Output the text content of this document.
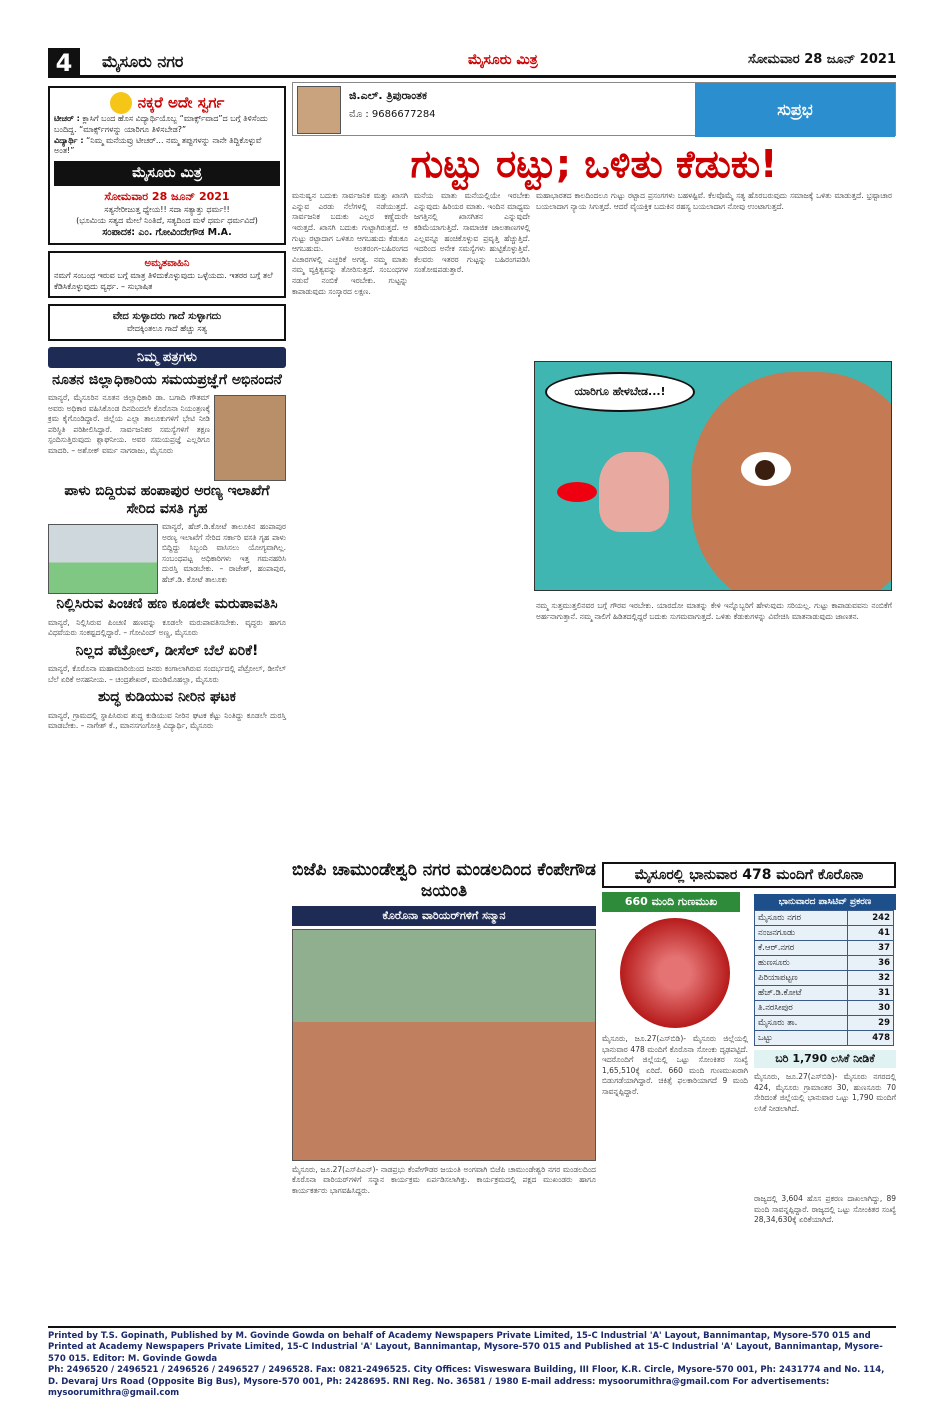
ಪುಟ 4	ಮೈಸೂರು ನಗರ	ಮೈಸೂರು ಮಿತ್ರ	ಸೋಮವಾರ 28 ಜೂನ್ 2021
ನಕ್ಕರೆ ಅದೇ ಸ್ವರ್ಗ
ಟೀಚರ್ : ಕ್ಲಾಸಿಗೆ ಬಂದ ಹೊಸ ವಿದ್ಯಾರ್ಥಿಯೊಬ್ಬ “ಮಾರ್ಕ್ಸ್‌ವಾದ”ದ ಬಗ್ಗೆ ತಿಳಿಸೆಂದು ಬಂದಿದ್ದ. “ಮಾರ್ಕ್ಸ್‌ಗಳನ್ನು ಯಾರಿಗೂ ತಿಳಿಸಬೇಡ?”
ವಿದ್ಯಾರ್ಥಿ : “ನಿಮ್ಮ ಮನೆಯವ್ರು ಟೀಚರ್... ನಮ್ಮ ತಪ್ಪುಗಳನ್ನು ನಾನೇ ತಿದ್ದಿಕೊಳ್ಳುವೆ ಅಂತ!”
ಮೈಸೂರು ಮಿತ್ರ
ಸೋಮವಾರ 28 ಜೂನ್ 2021
ಸತ್ಯನೇರೀಜುತ್ತ ಧ್ಯೇಯ!! ಸದಾ ಸತ್ಯಾತ್ತು ಧರ್ಮ!!
(ಭೂಮಿಯ ಸತ್ಯದ ಮೇಲೆ ನಿಂತಿದೆ, ಸತ್ಯದಿಂದ ಮಳೆ ಧರ್ಮ ಧರ್ಮವಿದೆ)
ಸಂಪಾದಕ: ಎಂ. ಗೋವಿಂದೇಗೌಡ M.A.
ಅಮೃತವಾಹಿನಿ
ನಮಗೆ ಸಂಬಂಧ ಇರುವ ಬಗ್ಗೆ ಮಾತ್ರ ತಿಳಿದುಕೊಳ್ಳುವುದು ಒಳ್ಳೆಯದು. ಇತರರ ಬಗ್ಗೆ ತಲೆ ಕೆಡಿಸಿಕೊಳ್ಳುವುದು ವ್ಯರ್ಥ. – ಸುಭಾಷಿತ
ವೇದ ಸುಳ್ಳಾದರು ಗಾದೆ ಸುಳ್ಳಾಗದು
ವೇದಕ್ಕಿಂತಲೂ ಗಾದೆ ಹೆಚ್ಚು ಸತ್ಯ
ನಿಮ್ಮ ಪತ್ರಗಳು
ನೂತನ ಜಿಲ್ಲಾಧಿಕಾರಿಯ ಸಮಯಪ್ರಜ್ಞೆಗೆ ಅಭಿನಂದನೆ
ಮಾನ್ಯರೆ, ಮೈಸೂರಿನ ನೂತನ ಜಿಲ್ಲಾಧಿಕಾರಿ ಡಾ. ಬಗಾದಿ ಗೌತಮ್ ಅವರು ಅಧಿಕಾರ ವಹಿಸಿಕೊಂಡ ದಿನದಿಂದಲೇ ಕೊರೊನಾ ನಿಯಂತ್ರಣಕ್ಕೆ ಕ್ರಮ ಕೈಗೊಂಡಿದ್ದಾರೆ. ಜಿಲ್ಲೆಯ ಎಲ್ಲಾ ತಾಲೂಕುಗಳಿಗೆ ಭೇಟಿ ನೀಡಿ ಪರಿಸ್ಥಿತಿ ಪರಿಶೀಲಿಸಿದ್ದಾರೆ. ಸಾರ್ವಜನಿಕರ ಸಮಸ್ಯೆಗಳಿಗೆ ತಕ್ಷಣ ಸ್ಪಂದಿಸುತ್ತಿರುವುದು ಶ್ಲಾಘನೀಯ. ಅವರ ಸಮಯಪ್ರಜ್ಞೆ ಎಲ್ಲರಿಗೂ ಮಾದರಿ. – ಅಶೋಕ್ ವರ್ಮ ನಾಗರಾಜು, ಮೈಸೂರು
ಪಾಳು ಬಿದ್ದಿರುವ ಹಂಪಾಪುರ ಅರಣ್ಯ ಇಲಾಖೆಗೆ ಸೇರಿದ ವಸತಿ ಗೃಹ
ಮಾನ್ಯರೆ, ಹೆಚ್.ಡಿ.ಕೋಟೆ ತಾಲೂಕಿನ ಹಂಪಾಪುರ ಅರಣ್ಯ ಇಲಾಖೆಗೆ ಸೇರಿದ ಸರ್ಕಾರಿ ವಸತಿ ಗೃಹ ಪಾಳು ಬಿದ್ದಿದ್ದು ಸಿಬ್ಬಂದಿ ವಾಸಿಸಲು ಯೋಗ್ಯವಾಗಿಲ್ಲ. ಸಂಬಂಧಪಟ್ಟ ಅಧಿಕಾರಿಗಳು ಇತ್ತ ಗಮನಹರಿಸಿ ದುರಸ್ತಿ ಮಾಡಬೇಕು. – ರಾಜೇಶ್, ಹಂಪಾಪುರ, ಹೆಚ್.ಡಿ. ಕೋಟೆ ತಾಲೂಕು
ನಿಲ್ಲಿಸಿರುವ ಪಿಂಚಣಿ ಹಣ ಕೂಡಲೇ ಮರುಪಾವತಿಸಿ
ಮಾನ್ಯರೆ, ನಿಲ್ಲಿಸಿರುವ ಪಿಂಚಣಿ ಹಣವನ್ನು ಕೂಡಲೇ ಮರುಪಾವತಿಸಬೇಕು. ವೃದ್ಧರು ಹಾಗೂ ವಿಧವೆಯರು ಸಂಕಷ್ಟದಲ್ಲಿದ್ದಾರೆ. – ಗೋವಿಂದ್ ಅಣ್ಣ, ಮೈಸೂರು
ನಿಲ್ಲದ ಪೆಟ್ರೋಲ್, ಡೀಸೆಲ್ ಬೆಲೆ ಏರಿಕೆ!
ಮಾನ್ಯರೆ, ಕೊರೊನಾ ಮಹಾಮಾರಿಯಿಂದ ಜನರು ಕಂಗಾಲಾಗಿರುವ ಸಂದರ್ಭದಲ್ಲಿ ಪೆಟ್ರೋಲ್, ಡೀಸೆಲ್ ಬೆಲೆ ಏರಿಕೆ ಅಸಹನೀಯ. – ಚಂದ್ರಶೇಖರ್, ಮಂಡಿಮೊಹಲ್ಲಾ, ಮೈಸೂರು
ಶುದ್ಧ ಕುಡಿಯುವ ನೀರಿನ ಘಟಕ
ಮಾನ್ಯರೆ, ಗ್ರಾಮದಲ್ಲಿ ಸ್ಥಾಪಿಸಿರುವ ಶುದ್ಧ ಕುಡಿಯುವ ನೀರಿನ ಘಟಕ ಕೆಟ್ಟು ನಿಂತಿದ್ದು ಕೂಡಲೇ ದುರಸ್ತಿ ಮಾಡಬೇಕು. – ನಾಗೇಶ್ ಕೆ., ಮಾನಸಗಂಗೋತ್ರಿ ವಿದ್ಯಾರ್ಥಿ, ಮೈಸೂರು
ಜಿ.ಎಲ್. ತ್ರಿಪುರಾಂತಕ
ಮೊ : 9686677284	ಸುಪ್ರಭ
ಗುಟ್ಟು ರಟ್ಟು; ಒಳಿತು ಕೆಡುಕು!
ಮನುಷ್ಯನ ಬದುಕು ಸಾರ್ವಜನಿಕ ಮತ್ತು ಖಾಸಗಿ ಎನ್ನುವ ಎರಡು ನೆಲೆಗಳಲ್ಲಿ ನಡೆಯುತ್ತದೆ. ಸಾರ್ವಜನಿಕ ಬದುಕು ಎಲ್ಲರ ಕಣ್ಣೆದುರೇ ಇರುತ್ತದೆ. ಖಾಸಗಿ ಬದುಕು ಗುಟ್ಟಾಗಿರುತ್ತದೆ. ಆ ಗುಟ್ಟು ರಟ್ಟಾದಾಗ ಒಳಿತೂ ಆಗಬಹುದು ಕೆಡುಕೂ ಆಗಬಹುದು. ಅಂತರಂಗ–ಬಹಿರಂಗದ ವಿಚಾರಗಳಲ್ಲಿ ಎಚ್ಚರಿಕೆ ಅಗತ್ಯ. ನಮ್ಮ ಮಾತು ನಮ್ಮ ವ್ಯಕ್ತಿತ್ವವನ್ನು ತೋರಿಸುತ್ತದೆ. ಸಂಬಂಧಗಳ ನಡುವೆ ನಂಬಿಕೆ ಇರಬೇಕು. ಗುಟ್ಟನ್ನು ಕಾಪಾಡುವುದು ಸಂಸ್ಕಾರದ ಲಕ್ಷಣ.
ಮನೆಯ ಮಾತು ಮನೆಯಲ್ಲಿಯೇ ಇರಬೇಕು ಎನ್ನುವುದು ಹಿರಿಯರ ಮಾತು. ಇಂದಿನ ಮಾಧ್ಯಮ ಜಗತ್ತಿನಲ್ಲಿ ಖಾಸಗಿತನ ಎನ್ನುವುದೇ ಕಡಿಮೆಯಾಗುತ್ತಿದೆ. ಸಾಮಾಜಿಕ ಜಾಲತಾಣಗಳಲ್ಲಿ ಎಲ್ಲವನ್ನೂ ಹಂಚಿಕೊಳ್ಳುವ ಪ್ರವೃತ್ತಿ ಹೆಚ್ಚುತ್ತಿದೆ. ಇದರಿಂದ ಅನೇಕ ಸಮಸ್ಯೆಗಳು ಹುಟ್ಟಿಕೊಳ್ಳುತ್ತಿವೆ. ಕೆಲವರು ಇತರರ ಗುಟ್ಟನ್ನು ಬಹಿರಂಗಪಡಿಸಿ ಸಂತೋಷಪಡುತ್ತಾರೆ.
ಮಹಾಭಾರತದ ಕಾಲದಿಂದಲೂ ಗುಟ್ಟು ರಟ್ಟಾದ ಪ್ರಸಂಗಗಳು ಬಹಳಷ್ಟಿವೆ. ಕೆಲವೊಮ್ಮೆ ಸತ್ಯ ಹೊರಬರುವುದು ಸಮಾಜಕ್ಕೆ ಒಳಿತು ಮಾಡುತ್ತದೆ. ಭ್ರಷ್ಟಾಚಾರ ಬಯಲಾದಾಗ ನ್ಯಾಯ ಸಿಗುತ್ತದೆ. ಆದರೆ ವೈಯಕ್ತಿಕ ಬದುಕಿನ ರಹಸ್ಯ ಬಯಲಾದಾಗ ನೋವು ಉಂಟಾಗುತ್ತದೆ.
ಯಾರಿಗೂ ಹೇಳಬೇಡ...!
ನಮ್ಮ ಸುತ್ತಮುತ್ತಲಿನವರ ಬಗ್ಗೆ ಗೌರವ ಇರಬೇಕು. ಯಾರದೋ ಮಾತನ್ನು ಕೇಳಿ ಇನ್ನೊಬ್ಬರಿಗೆ ಹೇಳುವುದು ಸರಿಯಲ್ಲ. ಗುಟ್ಟು ಕಾಪಾಡುವವನು ನಂಬಿಕೆಗೆ ಅರ್ಹನಾಗುತ್ತಾನೆ. ನಮ್ಮ ನಾಲಿಗೆ ಹಿಡಿತದಲ್ಲಿದ್ದರೆ ಬದುಕು ಸುಗಮವಾಗುತ್ತದೆ. ಒಳಿತು ಕೆಡುಕುಗಳನ್ನು ವಿವೇಚಿಸಿ ಮಾತನಾಡುವುದು ಜಾಣತನ.
ಬಿಜೆಪಿ ಚಾಮುಂಡೇಶ್ವರಿ ನಗರ ಮಂಡಲದಿಂದ ಕೆಂಪೇಗೌಡ ಜಯಂತಿ
ಕೊರೊನಾ ವಾರಿಯರ್‌ಗಳಿಗೆ ಸನ್ಮಾನ
ಮೈಸೂರು, ಜೂ.27(ಎಸ್‌ಪಿಎನ್)- ನಾಡಪ್ರಭು ಕೆಂಪೇಗೌಡರ ಜಯಂತಿ ಅಂಗವಾಗಿ ಬಿಜೆಪಿ ಚಾಮುಂಡೇಶ್ವರಿ ನಗರ ಮಂಡಲದಿಂದ ಕೊರೊನಾ ವಾರಿಯರ್‌ಗಳಿಗೆ ಸನ್ಮಾನ ಕಾರ್ಯಕ್ರಮ ಏರ್ಪಡಿಸಲಾಗಿತ್ತು. ಕಾರ್ಯಕ್ರಮದಲ್ಲಿ ಪಕ್ಷದ ಮುಖಂಡರು ಹಾಗೂ ಕಾರ್ಯಕರ್ತರು ಭಾಗವಹಿಸಿದ್ದರು.
ಮೈಸೂರಲ್ಲಿ ಭಾನುವಾರ 478 ಮಂದಿಗೆ ಕೊರೊನಾ
660 ಮಂದಿ ಗುಣಮುಖ
ಮೈಸೂರು, ಜೂ.27(ಎಸ್‌ಬಿಡಿ)- ಮೈಸೂರು ಜಿಲ್ಲೆಯಲ್ಲಿ ಭಾನುವಾರ 478 ಮಂದಿಗೆ ಕೊರೊನಾ ಸೋಂಕು ದೃಢಪಟ್ಟಿದೆ. ಇದರೊಂದಿಗೆ ಜಿಲ್ಲೆಯಲ್ಲಿ ಒಟ್ಟು ಸೋಂಕಿತರ ಸಂಖ್ಯೆ 1,65,510ಕ್ಕೆ ಏರಿದೆ. 660 ಮಂದಿ ಗುಣಮುಖರಾಗಿ ಬಿಡುಗಡೆಯಾಗಿದ್ದಾರೆ. ಚಿಕಿತ್ಸೆ ಫಲಕಾರಿಯಾಗದೆ 9 ಮಂದಿ ಸಾವನ್ನಪ್ಪಿದ್ದಾರೆ.
ಭಾನುವಾರದ ಪಾಸಿಟಿವ್ ಪ್ರಕರಣ
ಮೈಸೂರು ನಗರ	242
ನಂಜನಗೂಡು	41
ಕೆ.ಆರ್.ನಗರ	37
ಹುಣಸೂರು	36
ಪಿರಿಯಾಪಟ್ಟಣ	32
ಹೆಚ್.ಡಿ.ಕೋಟೆ	31
ತಿ.ನರಸೀಪುರ	30
ಮೈಸೂರು ತಾ.	29
ಒಟ್ಟು	478
ಬರಿ 1,790 ಲಸಿಕೆ ನೀಡಿಕೆ
ಮೈಸೂರು, ಜೂ.27(ಎಸ್‌ಬಿಡಿ)- ಮೈಸೂರು ನಗರದಲ್ಲಿ 424, ಮೈಸೂರು ಗ್ರಾಮಾಂತರ 30, ಹುಣಸೂರು 70 ಸೇರಿದಂತೆ ಜಿಲ್ಲೆಯಲ್ಲಿ ಭಾನುವಾರ ಒಟ್ಟು 1,790 ಮಂದಿಗೆ ಲಸಿಕೆ ನೀಡಲಾಗಿದೆ.
ರಾಜ್ಯದಲ್ಲಿ 3,604 ಹೊಸ ಪ್ರಕರಣ ದಾಖಲಾಗಿದ್ದು, 89 ಮಂದಿ ಸಾವನ್ನಪ್ಪಿದ್ದಾರೆ. ರಾಜ್ಯದಲ್ಲಿ ಒಟ್ಟು ಸೋಂಕಿತರ ಸಂಖ್ಯೆ 28,34,630ಕ್ಕೆ ಏರಿಕೆಯಾಗಿದೆ.
Printed by T.S. Gopinath, Published by M. Govinde Gowda on behalf of Academy Newspapers Private Limited, 15-C Industrial 'A' Layout, Bannimantap, Mysore-570 015 and Printed at Academy Newspapers Private Limited, 15-C Industrial 'A' Layout, Bannimantap, Mysore-570 015 and Published at 15-C Industrial 'A' Layout, Bannimantap, Mysore-570 015. Editor: M. Govinde Gowda
Ph: 2496520 / 2496521 / 2496526 / 2496527 / 2496528. Fax: 0821-2496525. City Offices: Visweswara Building, III Floor, K.R. Circle, Mysore-570 001, Ph: 2431774 and No. 114, D. Devaraj Urs Road (Opposite Big Bus), Mysore-570 001, Ph: 2428695. RNI Reg. No. 36581 / 1980 E-mail address: mysoorumithra@gmail.com For advertisements: mysoorumithra@gmail.com
